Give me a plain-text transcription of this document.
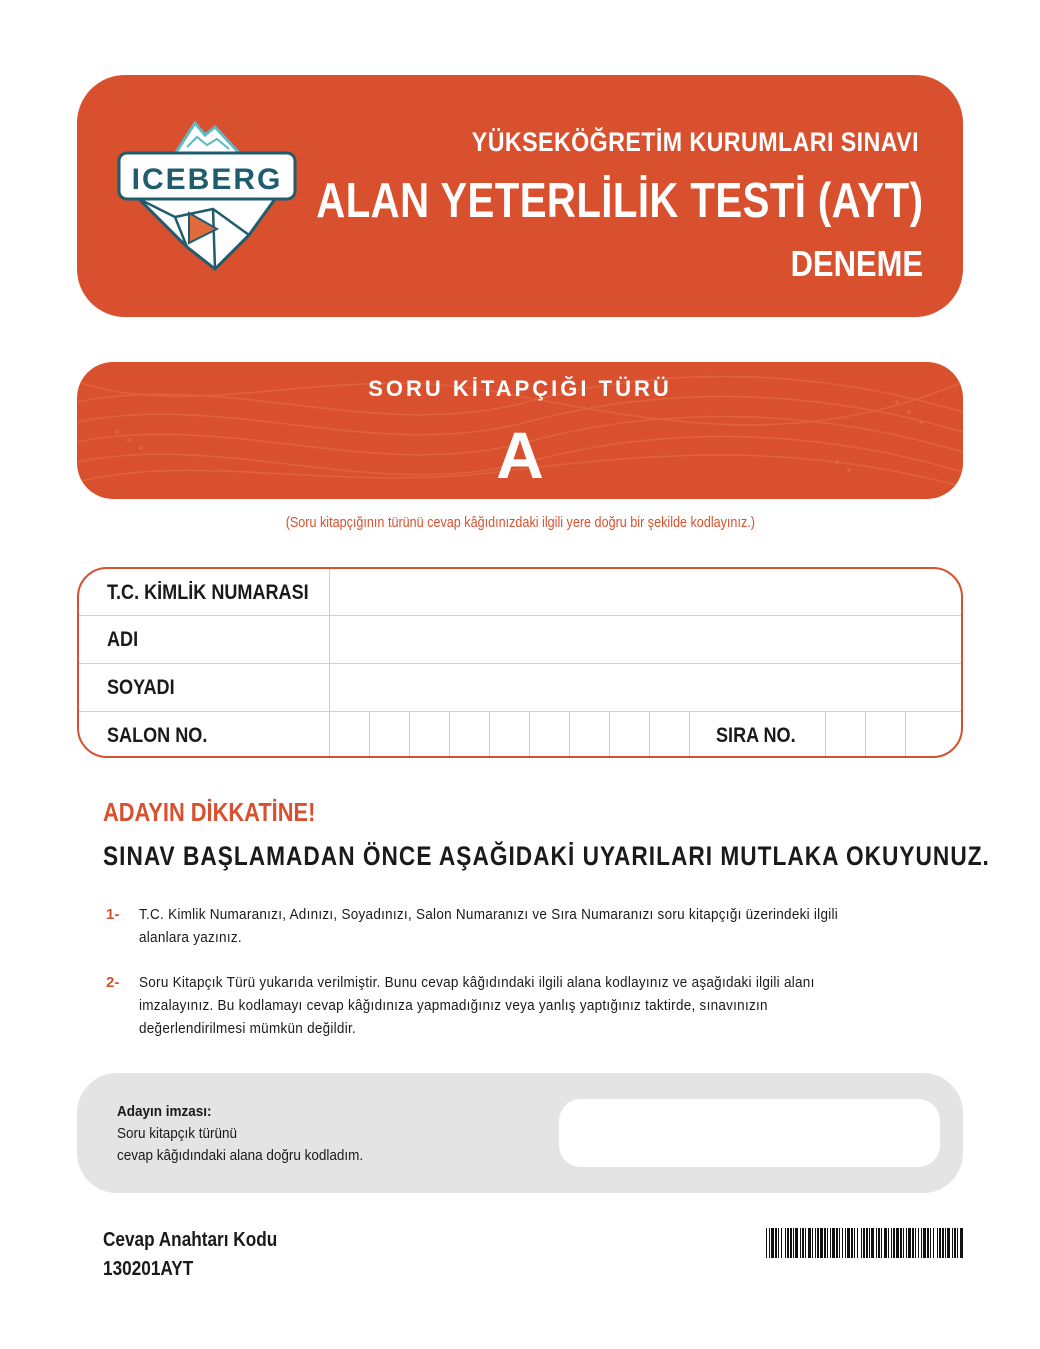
ICEBERG
YÜKSEKÖĞRETİM KURUMLARI SINAVI
ALAN YETERLİLİK TESTİ (AYT)
DENEME
SORU KİTAPÇIĞI TÜRÜ
A
(Soru kitapçığının türünü cevap kâğıdınızdaki ilgili yere doğru bir şekilde kodlayınız.)
T.C. KİMLİK NUMARASI
ADI
SOYADI
SALON NO.	SIRA NO.
ADAYIN DİKKATİNE!
SINAV BAŞLAMADAN ÖNCE AŞAĞIDAKİ UYARILARI MUTLAKA OKUYUNUZ.
1- T.C. Kimlik Numaranızı, Adınızı, Soyadınızı, Salon Numaranızı ve Sıra Numaranızı soru kitapçığı üzerindeki ilgili
alanlara yazınız.
2- Soru Kitapçık Türü yukarıda verilmiştir. Bunu cevap kâğıdındaki ilgili alana kodlayınız ve aşağıdaki ilgili alanı
imzalayınız. Bu kodlamayı cevap kâğıdınıza yapmadığınız veya yanlış yaptığınız taktirde, sınavınızın
değerlendirilmesi mümkün değildir.
Adayın imzası:
Soru kitapçık türünü
cevap kâğıdındaki alana doğru kodladım.
Cevap Anahtarı Kodu
130201AYT
